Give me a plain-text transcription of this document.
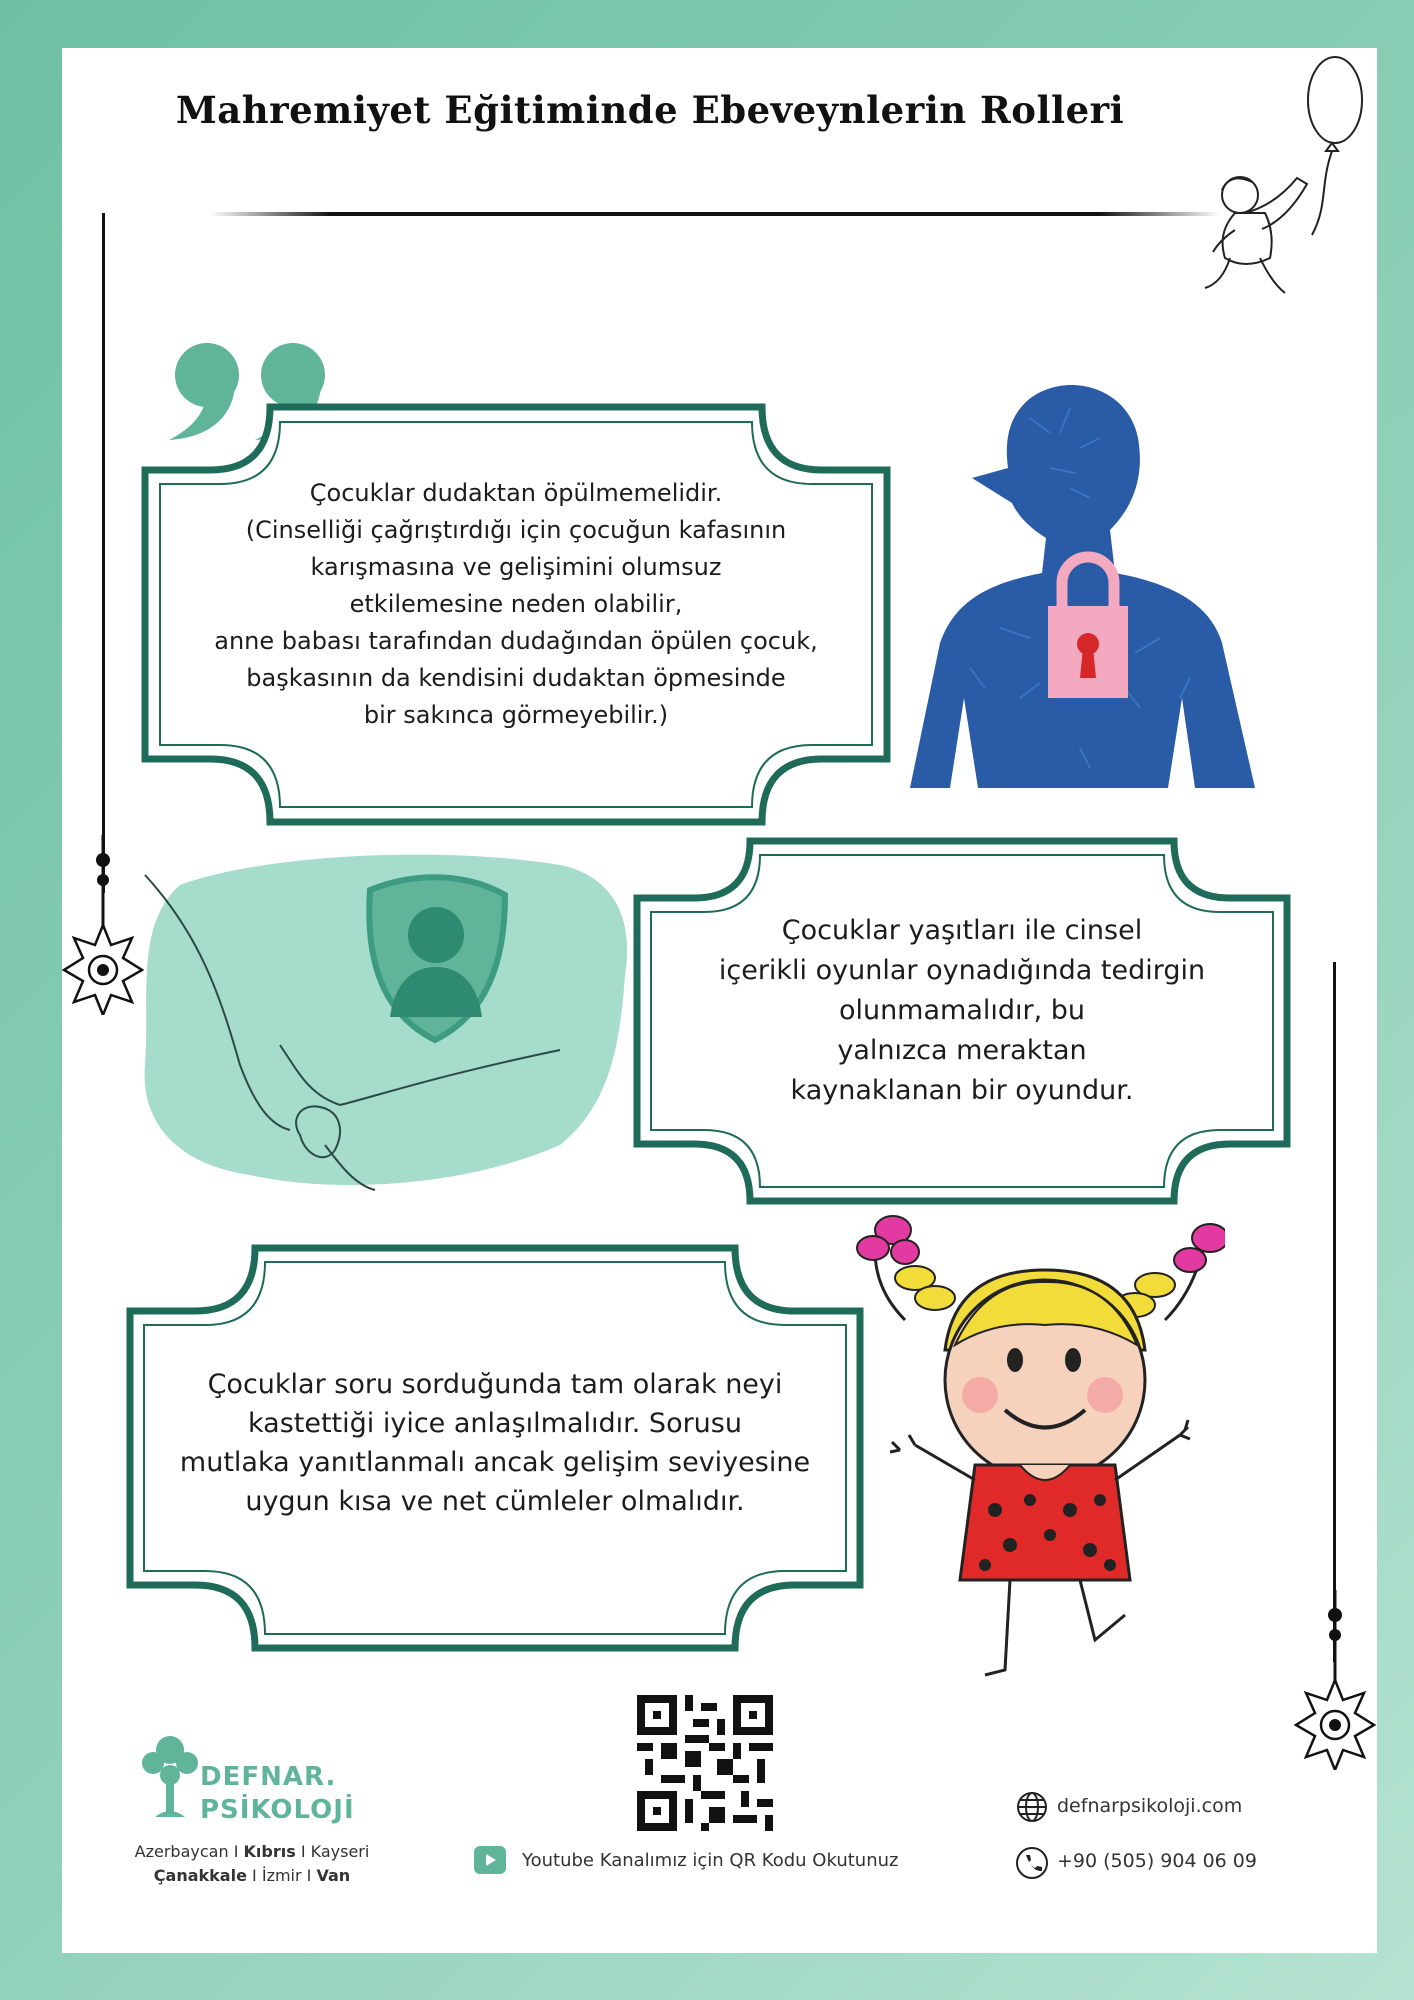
Mahremiyet Eğitiminde Ebeveynlerin Rolleri
Çocuklar dudaktan öpülmemelidir.
(Cinselliği çağrıştırdığı için çocuğun kafasının
karışmasına ve gelişimini olumsuz
etkilemesine neden olabilir,
anne babası tarafından dudağından öpülen çocuk,
başkasının da kendisini dudaktan öpmesinde
bir sakınca görmeyebilir.)
Çocuklar yaşıtları ile cinsel
içerikli oyunlar oynadığında tedirgin
olunmamalıdır, bu
yalnızca meraktan
kaynaklanan bir oyundur.
Çocuklar soru sorduğunda tam olarak neyi
kastettiği iyice anlaşılmalıdır. Sorusu
mutlaka yanıtlanmalı ancak gelişim seviyesine
uygun kısa ve net cümleler olmalıdır.
DEFNAR.
PSİKOLOJİ
Azerbaycan I Kıbrıs I Kayseri
Çanakkale I İzmir I Van
Youtube Kanalımız için QR Kodu Okutunuz
defnarpsikoloji.com
+90 (505) 904 06 09
